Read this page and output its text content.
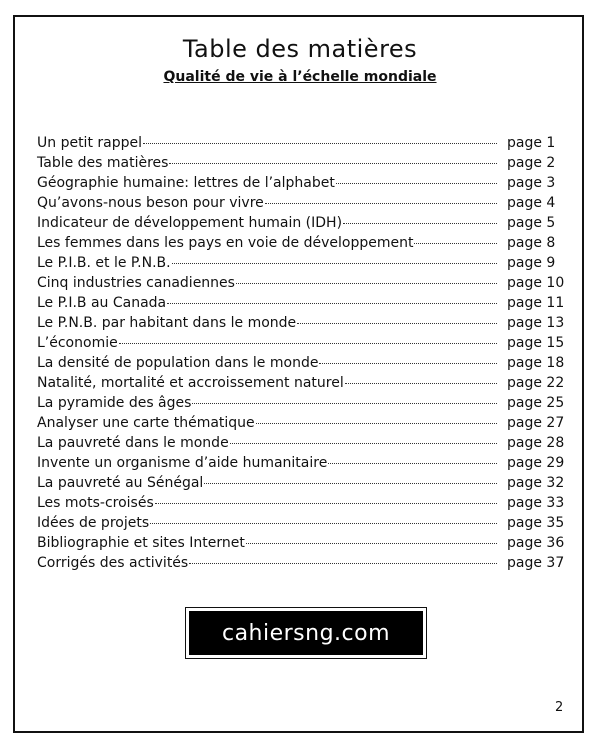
Table des matières
Qualité de vie à l’échelle mondiale
Un petit rappel	page 1
Table des matières	page 2
Géographie humaine: lettres de l’alphabet	page 3
Qu’avons-nous beson pour vivre	page 4
Indicateur de développement humain (IDH)	page 5
Les femmes dans les pays en voie de développement	page 8
Le P.I.B. et le P.N.B.	page 9
Cinq industries canadiennes	page 10
Le P.I.B au Canada	page 11
Le P.N.B. par habitant dans le monde	page 13
L’économie	page 15
La densité de population dans le monde	page 18
Natalité, mortalité et accroissement naturel	page 22
La pyramide des âges	page 25
Analyser une carte thématique	page 27
La pauvreté dans le monde	page 28
Invente un organisme d’aide humanitaire	page 29
La pauvreté au Sénégal	page 32
Les mots-croisés	page 33
Idées de projets	page 35
Bibliographie et sites Internet	page 36
Corrigés des activités	page 37
cahiersng.com
2
